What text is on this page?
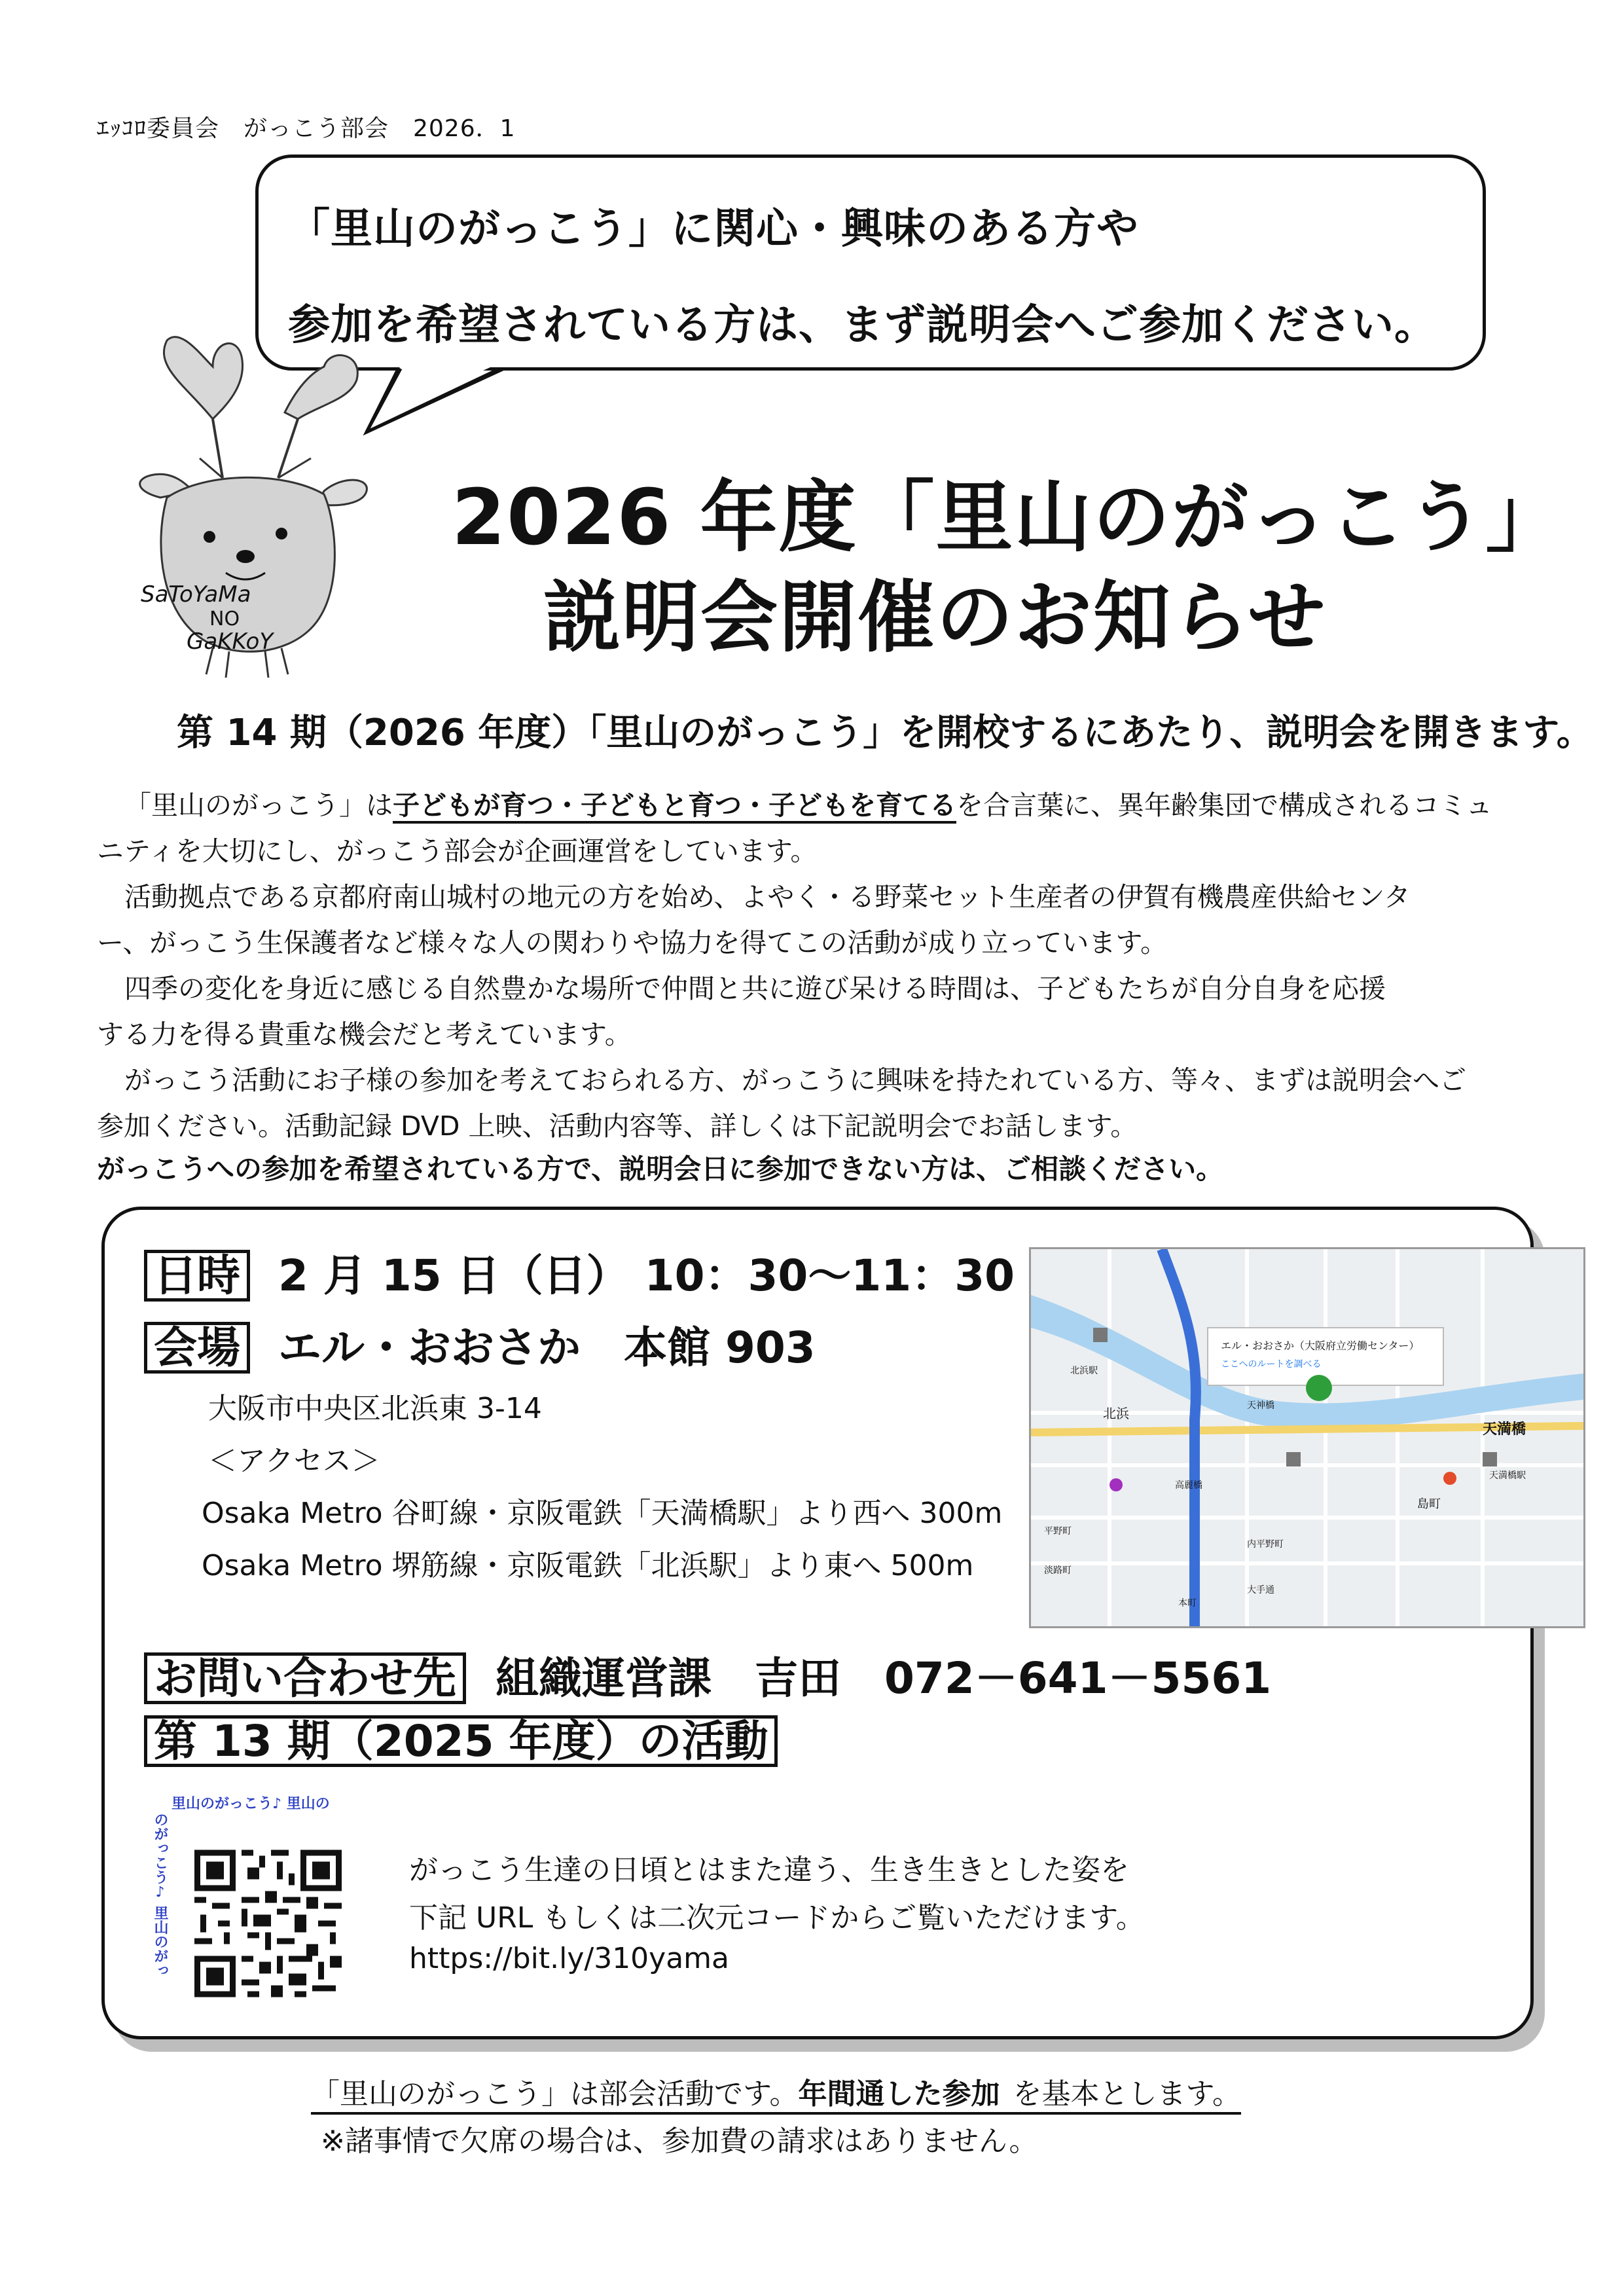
ｴｯｺﾛ委員会　がっこう部会　2026．1
「里山のがっこう」に関心・興味のある方や
参加を希望されている方は、まず説明会へご参加ください。
SaToYaMa
NO
GaKKoY
2026 年度「里山のがっこう」
説明会開催のお知らせ
第 14 期（2026 年度）「里山のがっこう」を開校するにあたり、説明会を開きます。
「里山のがっこう」は子どもが育つ・子どもと育つ・子どもを育てるを合言葉に、異年齢集団で構成されるコミュ
ニティを大切にし、がっこう部会が企画運営をしています。
活動拠点である京都府南山城村の地元の方を始め、よやく・る野菜セット生産者の伊賀有機農産供給センタ
ー、がっこう生保護者など様々な人の関わりや協力を得てこの活動が成り立っています。
四季の変化を身近に感じる自然豊かな場所で仲間と共に遊び呆ける時間は、子どもたちが自分自身を応援
する力を得る貴重な機会だと考えています。
がっこう活動にお子様の参加を考えておられる方、がっこうに興味を持たれている方、等々、まずは説明会へご
参加ください。活動記録 DVD 上映、活動内容等、詳しくは下記説明会でお話します。
がっこうへの参加を希望されている方で、説明会日に参加できない方は、ご相談ください。
日時 2 月 15 日（日） 10：30～11：30
会場 エル・おおさか　本館 903
大阪市中央区北浜東 3-14
＜アクセス＞
Osaka Metro 谷町線・京阪電鉄「天満橋駅」より西へ 300m
Osaka Metro 堺筋線・京阪電鉄「北浜駅」より東へ 500m
エル・おおさか（大阪府立労働センター）
ここへのルートを調べる
北浜
天満橋
天神橋
高麗橋
天満橋駅
北浜駅
島町
本町
大手通
平野町
淡路町
内平野町
お問い合わせ先 組織運営課　吉田　072－641－5561
第 13 期（2025 年度）の活動
里山のがっこう♪ 里山の
のがっこう♪ 里山のがっ	がっこう生達の日頃とはまた違う、生き生きとした姿を
下記 URL もしくは二次元コードからご覧いただけます。
https://bit.ly/310yama
「里山のがっこう」は部会活動です。年間通した参加 を基本とします。
※諸事情で欠席の場合は、参加費の請求はありません。
